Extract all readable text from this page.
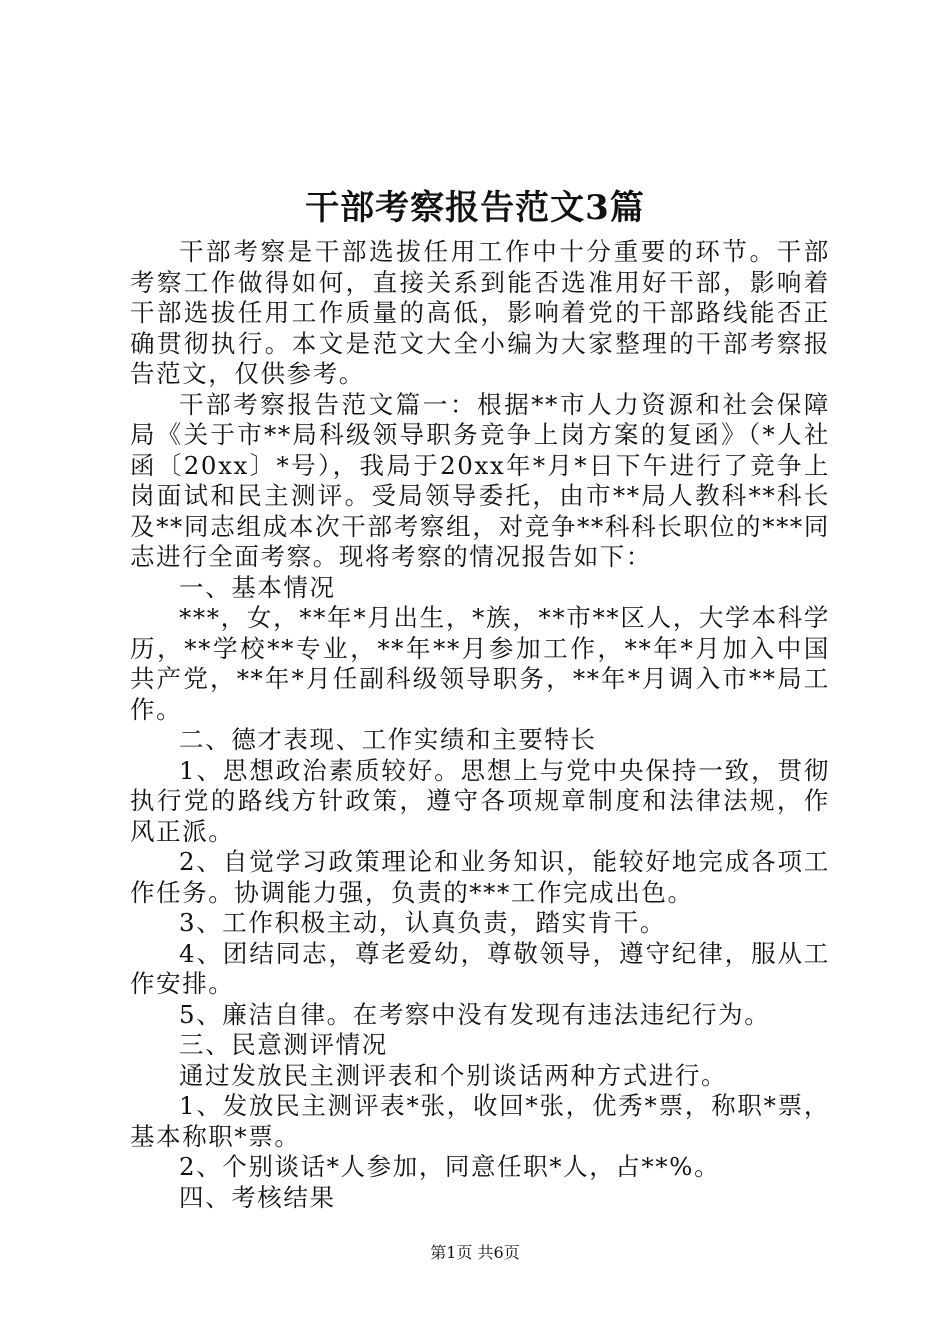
干部考察报告范文3篇

干部考察是干部选拔任用工作中十分重要的环节。干部考察工作做得如何，直接关系到能否选准用好干部，影响着干部选拔任用工作质量的高低，影响着党的干部路线能否正确贯彻执行。本文是范文大全小编为大家整理的干部考察报告范文，仅供参考。

干部考察报告范文篇一：根据**市人力资源和社会保障局《关于市**局科级领导职务竞争上岗方案的复函》（*人社函〔20xx〕*号），我局于20xx年*月*日下午进行了竞争上岗面试和民主测评。受局领导委托，由市**局人教科**科长及**同志组成本次干部考察组，对竞争**科科长职位的***同志进行全面考察。现将考察的情况报告如下：

一、基本情况

***，女，**年*月出生，*族，**市**区人，大学本科学历，**学校**专业，**年**月参加工作，**年*月加入中国共产党，**年*月任副科级领导职务，**年*月调入市**局工作。

二、德才表现、工作实绩和主要特长

1、思想政治素质较好。思想上与党中央保持一致，贯彻执行党的路线方针政策，遵守各项规章制度和法律法规，作风正派。

2、自觉学习政策理论和业务知识，能较好地完成各项工作任务。协调能力强，负责的***工作完成出色。

3、工作积极主动，认真负责，踏实肯干。

4、团结同志，尊老爱幼，尊敬领导，遵守纪律，服从工作安排。

5、廉洁自律。在考察中没有发现有违法违纪行为。

三、民意测评情况

通过发放民主测评表和个别谈话两种方式进行。

1、发放民主测评表*张，收回*张，优秀*票，称职*票，基本称职*票。

2、个别谈话*人参加，同意任职*人，占**%。

四、考核结果

第1页 共6页
